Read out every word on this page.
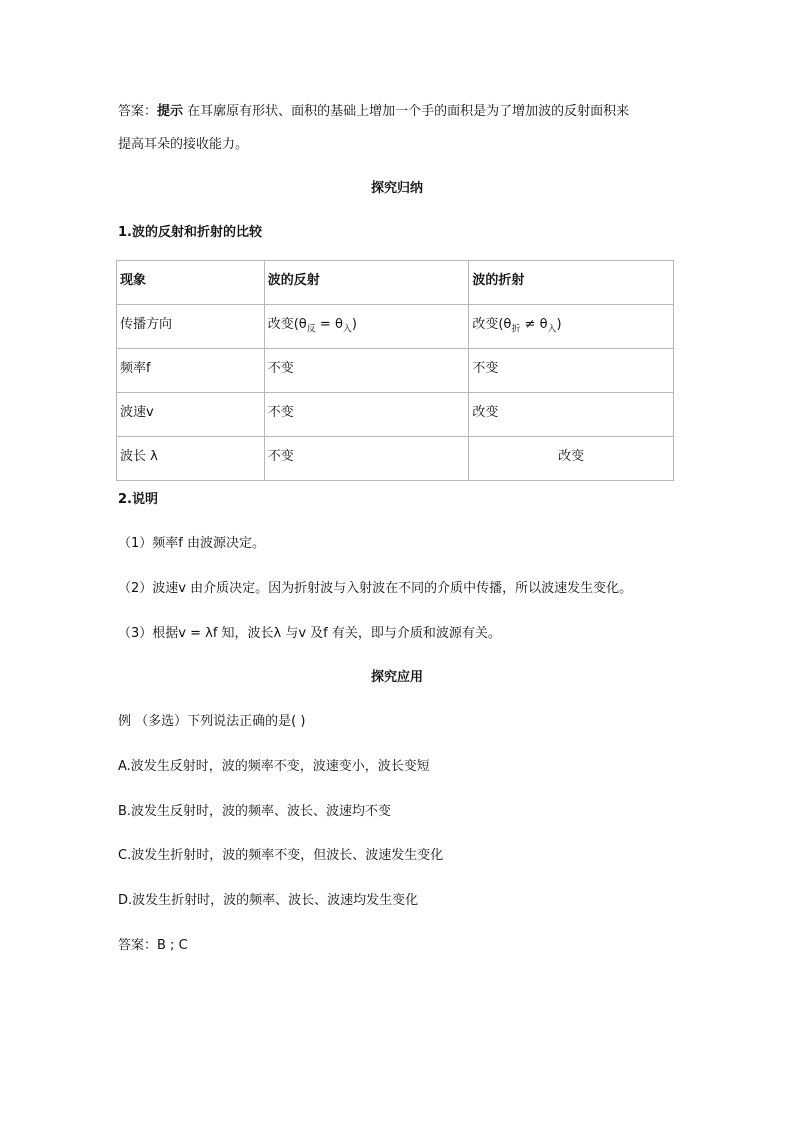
答案：提示 在耳廓原有形状、面积的基础上增加一个手的面积是为了增加波的反射面积来
提高耳朵的接收能力。
探究归纳
1.波的反射和折射的比较
现象	波的反射	波的折射
传播方向	改变$(\theta_反 = \theta_入)$	改变$(\theta_折 \ne \theta_入)$
频率f	不变	不变
波速v	不变	改变
波长 λ	不变	改变
2.说明
（1）频率f 由波源决定。
（2）波速v 由介质决定。因为折射波与入射波在不同的介质中传播，所以波速发生变化。
（3）根据v = λf 知，波长λ 与v 及f 有关，即与介质和波源有关。
探究应用
例 （多选）下列说法正确的是( )
A.波发生反射时，波的频率不变，波速变小，波长变短
B.波发生反射时，波的频率、波长、波速均不变
C.波发生折射时，波的频率不变，但波长、波速发生变化
D.波发生折射时，波的频率、波长、波速均发生变化
答案：B ; C
